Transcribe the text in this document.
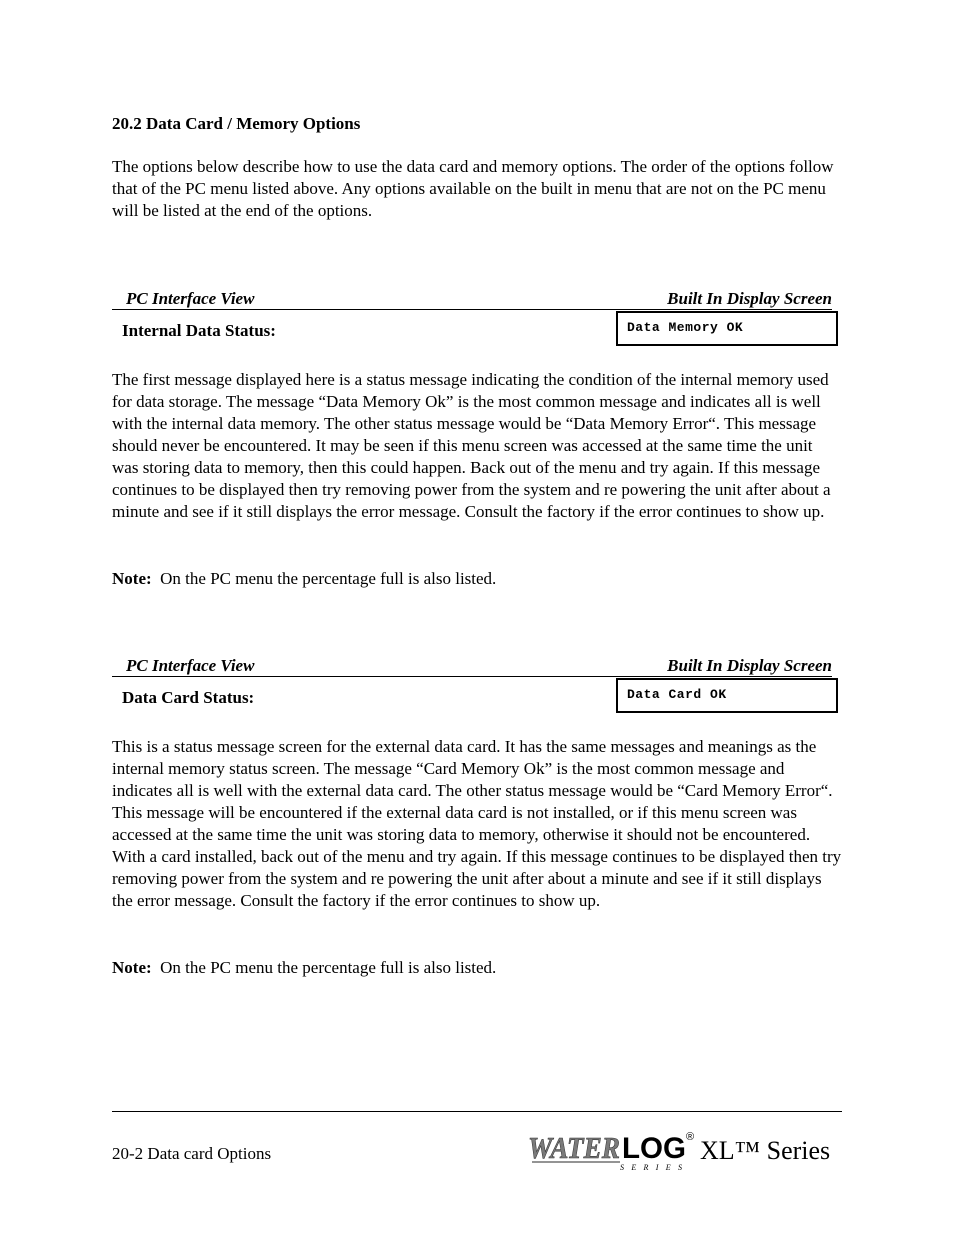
20.2 Data Card / Memory Options

The options below describe how to use the data card and memory options. The order of the options follow that of the PC menu listed above. Any options available on the built in menu that are not on the PC menu will be listed at the end of the options.

PC Interface View	Built In Display Screen
Internal Data Status:	Data Memory OK

The first message displayed here is a status message indicating the condition of the internal memory used for data storage. The message “Data Memory Ok” is the most common message and indicates all is well with the internal data memory. The other status message would be “Data Memory Error“. This message should never be encountered. It may be seen if this menu screen was accessed at the same time the unit was storing data to memory, then this could happen. Back out of the menu and try again. If this message continues to be displayed then try removing power from the system and re powering the unit after about a minute and see if it still displays the error message. Consult the factory if the error continues to show up.

Note:  On the PC menu the percentage full is also listed.

PC Interface View	Built In Display Screen
Data Card Status:	Data Card OK

This is a status message screen for the external data card. It has the same messages and meanings as the internal memory status screen. The message “Card Memory Ok” is the most common message and indicates all is well with the external data card. The other status message would be “Card Memory Error“. This message will be encountered if the external data card is not installed, or if this menu screen was accessed at the same time the unit was storing data to memory, otherwise it should not be encountered. With a card installed, back out of the menu and try again. If this message continues to be displayed then try removing power from the system and re powering the unit after about a minute and see if it still displays the error message. Consult the factory if the error continues to show up.

Note:  On the PC menu the percentage full is also listed.

20-2 Data card Options	WATER LOG ®
SERIES
XL™ Series
